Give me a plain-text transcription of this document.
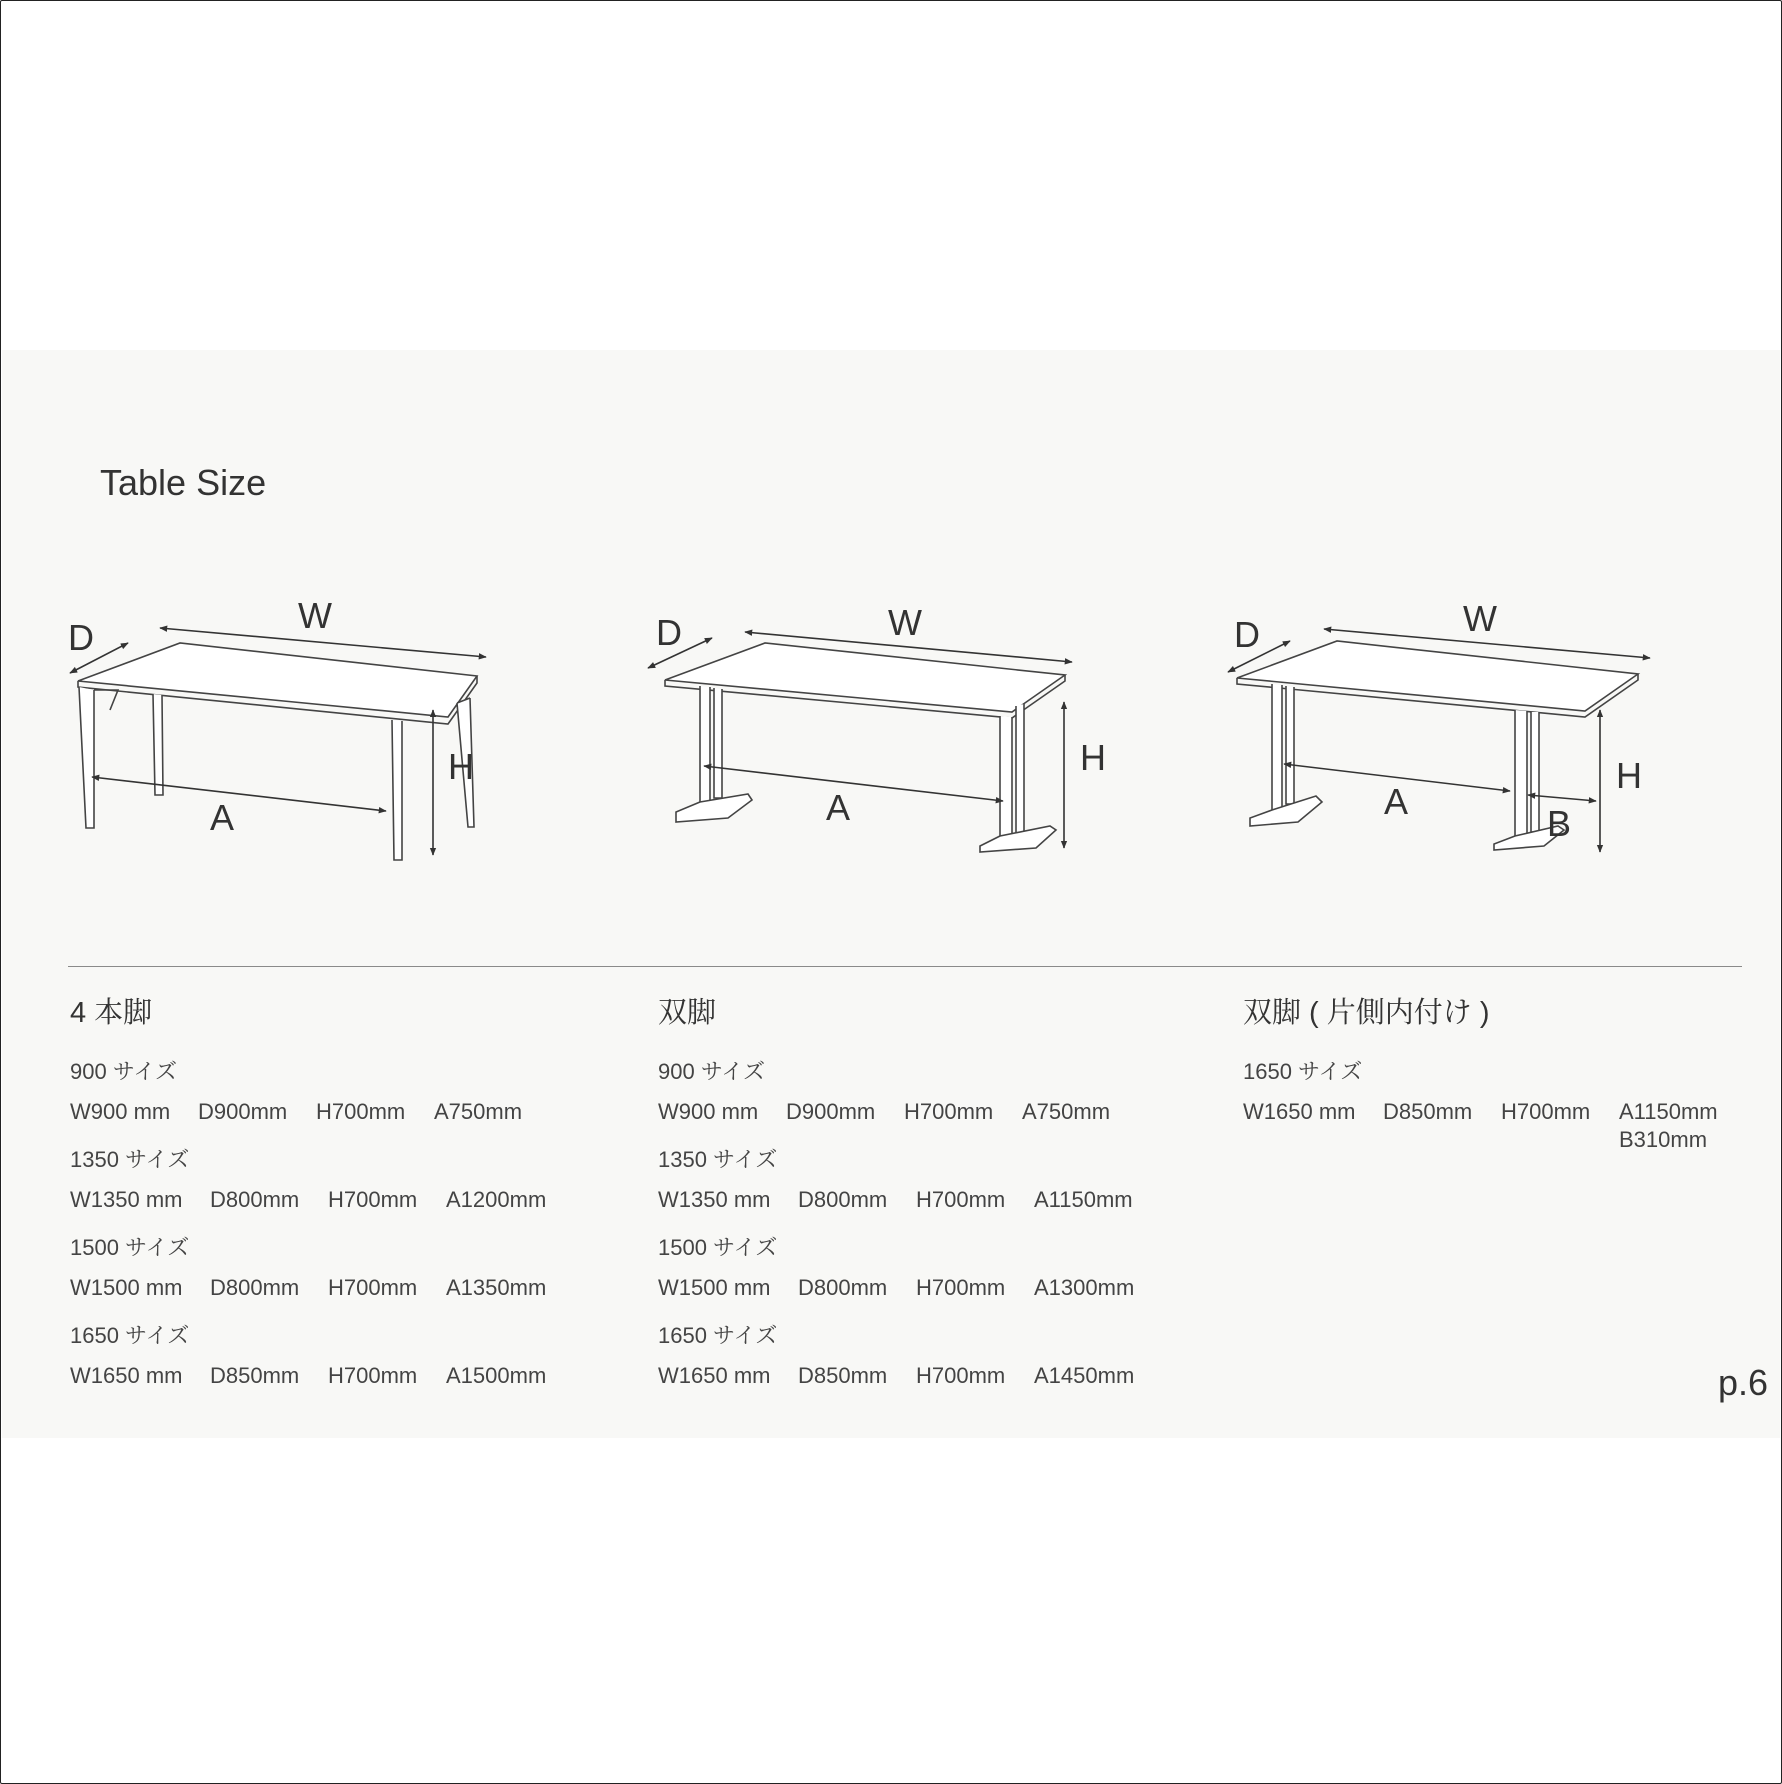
Table Size
D
W
H
A
D	W
H
A
D	W
H
A
B
4 本脚
900 サイズ
W900 mm D900mm H700mm A750mm
1350 サイズ
W1350 mm D800mm H700mm A1200mm
1500 サイズ
W1500 mm D800mm H700mm A1350mm
1650 サイズ
W1650 mm D850mm H700mm A1500mm
双脚
900 サイズ
W900 mm D900mm H700mm A750mm
1350 サイズ
W1350 mm D800mm H700mm A1150mm
1500 サイズ
W1500 mm D800mm H700mm A1300mm
1650 サイズ
W1650 mm D850mm H700mm A1450mm
双脚 ( 片側内付け )
1650 サイズ
W1650 mm D850mm H700mm A1150mm
B310mm
p.6
